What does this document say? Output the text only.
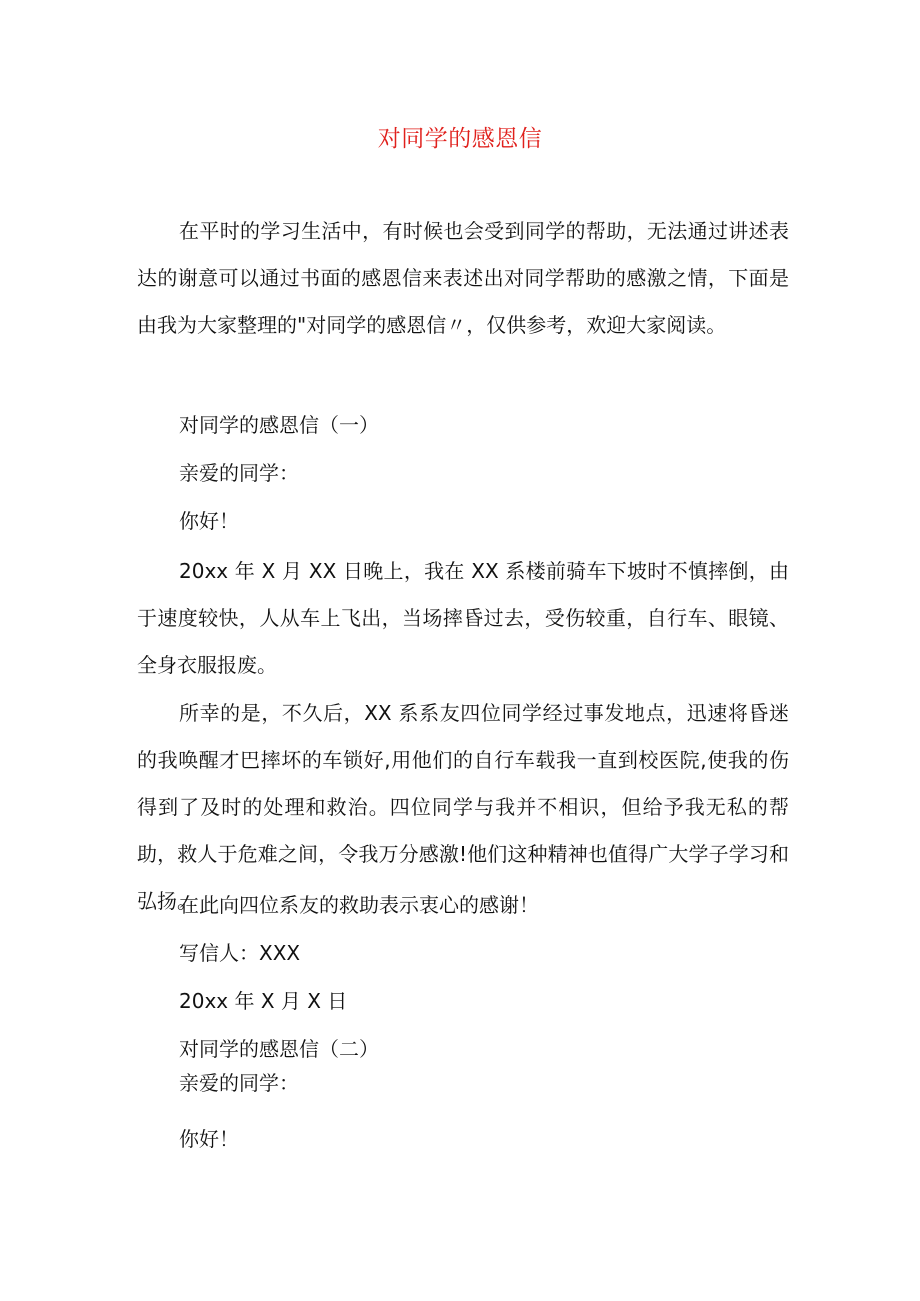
对同学的感恩信

在平时的学习生活中，有时候也会受到同学的帮助，无法通过讲述表达的谢意可以通过书面的感恩信来表述出对同学帮助的感激之情，下面是由我为大家整理的"对同学的感恩信〃，仅供参考，欢迎大家阅读。

对同学的感恩信（一）

亲爱的同学：

你好！

20xx 年 X 月 XX 日晚上，我在 XX 系楼前骑车下坡时不慎摔倒，由于速度较快，人从车上飞出，当场摔昏过去，受伤较重，自行车、眼镜、全身衣服报废。

所幸的是，不久后，XX 系系友四位同学经过事发地点，迅速将昏迷的我唤醒才巴摔坏的车锁好,用他们的自行车载我一直到校医院,使我的伤得到了及时的处理和救治。四位同学与我并不相识，但给予我无私的帮助，救人于危难之间，令我万分感激!他们这种精神也值得广大学子学习和弘扬。

在此向四位系友的救助表示衷心的感谢！

写信人：XXX

20xx 年 X 月 X 日

对同学的感恩信（二）

亲爱的同学：

你好！
